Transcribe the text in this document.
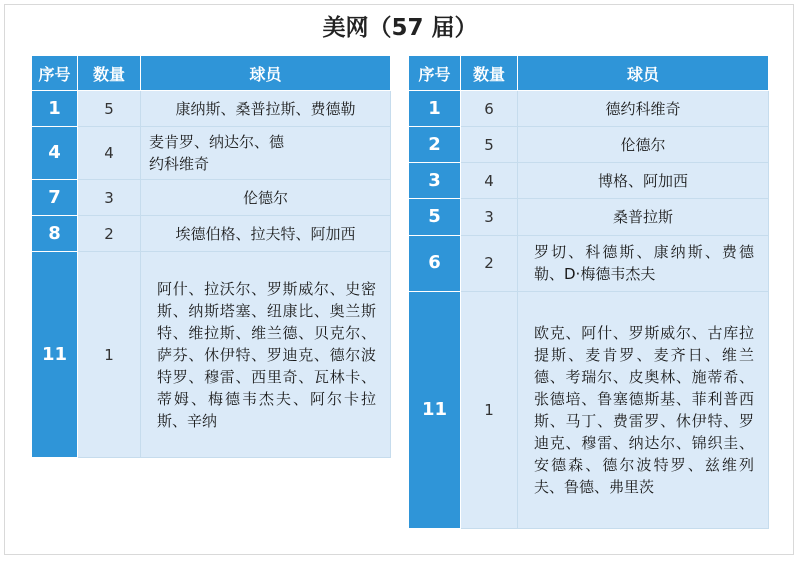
美网（57 届）
序号	数量	球员
1	5	康纳斯、桑普拉斯、费德勒
4	4	麦肯罗、纳达尔、德约科维奇
7	3	伦德尔
8	2	埃德伯格、拉夫特、阿加西
11	1	阿什、拉沃尔、罗斯威尔、史密斯、纳斯塔塞、纽康比、奥兰斯特、维拉斯、维兰德、贝克尔、萨芬、休伊特、罗迪克、德尔波特罗、穆雷、西里奇、瓦林卡、蒂姆、梅德韦杰夫、阿尔卡拉斯、辛纳
序号	数量	球员
1	6	德约科维奇
2	5	伦德尔
3	4	博格、阿加西
5	3	桑普拉斯
6	2	罗切、科德斯、康纳斯、费德勒、D·梅德韦杰夫
11	1	欧克、阿什、罗斯威尔、古库拉提斯、麦肯罗、麦齐日、维兰德、考瑞尔、皮奥林、施蒂希、张德培、鲁塞德斯基、菲利普西斯、马丁、费雷罗、休伊特、罗迪克、穆雷、纳达尔、锦织圭、安德森、德尔波特罗、兹维列夫、鲁德、弗里茨
